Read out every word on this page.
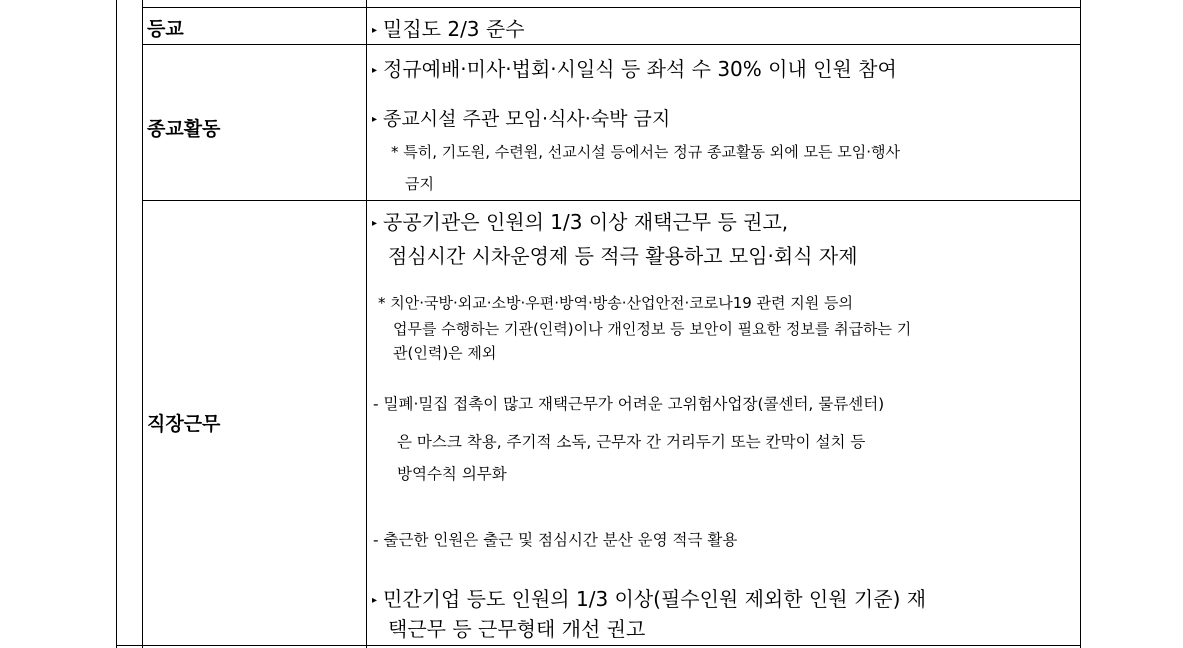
등교	▸ 밀집도 2/3 준수
종교활동
▸ 정규예배·미사·법회·시일식 등 좌석 수 30% 이내 인원 참여
▸ 종교시설 주관 모임·식사·숙박 금지
* 특히, 기도원, 수련원, 선교시설 등에서는 정규 종교활동 외에 모든 모임·행사
금지
직장근무
▸ 공공기관은 인원의 1/3 이상 재택근무 등 권고,
점심시간 시차운영제 등 적극 활용하고 모임·회식 자제
* 치안·국방·외교·소방·우편·방역·방송·산업안전·코로나19 관련 지원 등의
업무를 수행하는 기관(인력)이나 개인정보 등 보안이 필요한 정보를 취급하는 기
관(인력)은 제외
- 밀폐·밀집 접촉이 많고 재택근무가 어려운 고위험사업장(콜센터, 물류센터)
은 마스크 착용, 주기적 소독, 근무자 간 거리두기 또는 칸막이 설치 등
방역수칙 의무화
- 출근한 인원은 출근 및 점심시간 분산 운영 적극 활용
▸ 민간기업 등도 인원의 1/3 이상(필수인원 제외한 인원 기준) 재
택근무 등 근무형태 개선 권고
